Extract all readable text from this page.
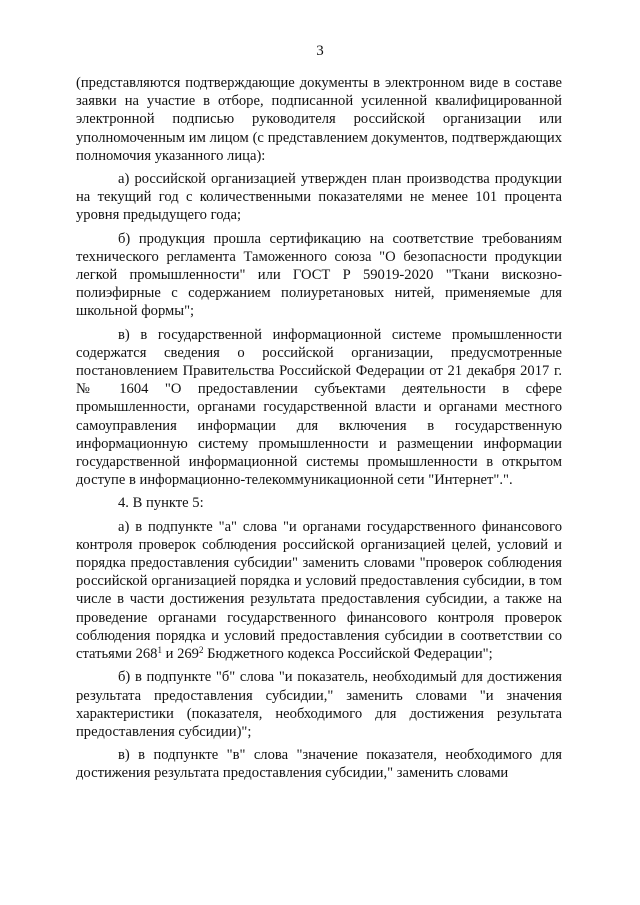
3

(представляются подтверждающие документы в электронном виде в составе заявки на участие в отборе, подписанной усиленной квалифицированной электронной подписью руководителя российской организации или уполномоченным им лицом (с представлением документов, подтверждающих полномочия указанного лица):

а) российской организацией утвержден план производства продукции на текущий год с количественными показателями не менее 101 процента уровня предыдущего года;

б) продукция прошла сертификацию на соответствие требованиям технического регламента Таможенного союза "О безопасности продукции легкой промышленности" или ГОСТ Р 59019-2020 "Ткани вискозно-полиэфирные с содержанием полиуретановых нитей, применяемые для школьной формы";

в) в государственной информационной системе промышленности содержатся сведения о российской организации, предусмотренные постановлением Правительства Российской Федерации от 21 декабря 2017 г. № 1604 "О предоставлении субъектами деятельности в сфере промышленности, органами государственной власти и органами местного самоуправления информации для включения в государственную информационную систему промышленности и размещении информации государственной информационной системы промышленности в открытом доступе в информационно-телекоммуникационной сети "Интернет".".

4. В пункте 5:

а) в подпункте "а" слова "и органами государственного финансового контроля проверок соблюдения российской организацией целей, условий и порядка предоставления субсидии" заменить словами "проверок соблюдения российской организацией порядка и условий предоставления субсидии, в том числе в части достижения результата предоставления субсидии, а также на проведение органами государственного финансового контроля проверок соблюдения порядка и условий предоставления субсидии в соответствии со статьями $268^1$ и $269^2$ Бюджетного кодекса Российской Федерации";

б) в подпункте "б" слова "и показатель, необходимый для достижения результата предоставления субсидии," заменить словами "и значения характеристики (показателя, необходимого для достижения результата предоставления субсидии)";

в) в подпункте "в" слова "значение показателя, необходимого для достижения результата предоставления субсидии," заменить словами
